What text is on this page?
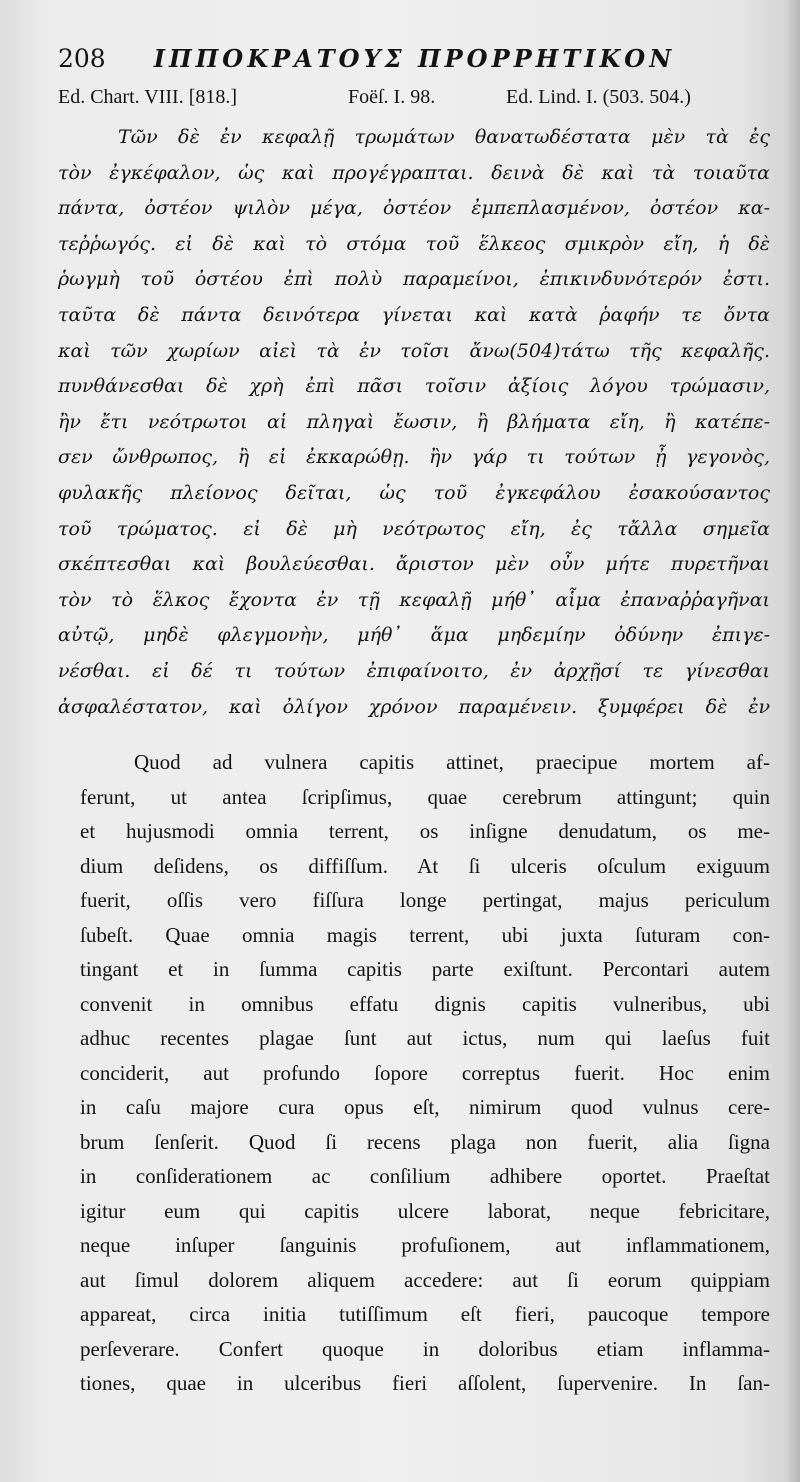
208 ΙΠΠΟΚΡΑΤΟΥΣ ΠΡΟΡΡΗΤΙΚΟΝ
Ed. Chart. VIII. [818.]	Foëſ. I. 98.	Ed. Lind. I. (503. 504.)
Τῶν δὲ ἐν κεφαλῇ τρωμάτων θανατωδέστατα μὲν τὰ ἐς
τὸν ἐγκέφαλον, ὡς καὶ προγέγραπται. δεινὰ δὲ καὶ τὰ τοιαῦτα
πάντα, ὀστέον ψιλὸν μέγα, ὀστέον ἐμπεπλασμένον, ὀστέον κα-
τεῤῥωγός. εἰ δὲ καὶ τὸ στόμα τοῦ ἕλκεος σμικρὸν εἴη, ἡ δὲ
ῥωγμὴ τοῦ ὀστέου ἐπὶ πολὺ παραμείνοι, ἐπικινδυνότερόν ἐστι.
ταῦτα δὲ πάντα δεινότερα γίνεται καὶ κατὰ ῥαφήν τε ὄντα
καὶ τῶν χωρίων αἰεὶ τὰ ἐν τοῖσι ἄνω(504)τάτω τῆς κεφαλῆς.
πυνθάνεσθαι δὲ χρὴ ἐπὶ πᾶσι τοῖσιν ἀξίοις λόγου τρώμασιν,
ἢν ἔτι νεότρωτοι αἱ πληγαὶ ἔωσιν, ἢ βλήματα εἴη, ἢ κατέπε-
σεν ὤνθρωπος, ἢ εἰ ἐκκαρώθῃ. ἢν γάρ τι τούτων ᾖ γεγονὸς,
φυλακῆς πλείονος δεῖται, ὡς τοῦ ἐγκεφάλου ἐσακούσαντος
τοῦ τρώματος. εἰ δὲ μὴ νεότρωτος εἴη, ἐς τἄλλα σημεῖα
σκέπτεσθαι καὶ βουλεύεσθαι. ἄριστον μὲν οὖν μήτε πυρετῆναι
τὸν τὸ ἕλκος ἔχοντα ἐν τῇ κεφαλῇ μήθ᾽ αἷμα ἐπαναῤῥαγῆναι
αὐτῷ, μηδὲ φλεγμονὴν, μήθ᾽ ἅμα μηδεμίην ὀδύνην ἐπιγε-
νέσθαι. εἰ δέ τι τούτων ἐπιφαίνοιτο, ἐν ἀρχῇσί τε γίνεσθαι
ἀσφαλέστατον, καὶ ὀλίγον χρόνον παραμένειν. ξυμφέρει δὲ ἐν
Quod ad vulnera capitis attinet, praecipue mortem af-
ferunt, ut antea ſcripſimus, quae cerebrum attingunt; quin
et hujusmodi omnia terrent, os inſigne denudatum, os me-
dium deſidens, os diffiſſum. At ſi ulceris oſculum exiguum
fuerit, oſſis vero fiſſura longe pertingat, majus periculum
ſubeſt. Quae omnia magis terrent, ubi juxta ſuturam con-
tingant et in ſumma capitis parte exiſtunt. Percontari autem
convenit in omnibus effatu dignis capitis vulneribus, ubi
adhuc recentes plagae ſunt aut ictus, num qui laeſus fuit
conciderit, aut profundo ſopore correptus fuerit. Hoc enim
in caſu majore cura opus eſt, nimirum quod vulnus cere-
brum ſenſerit. Quod ſi recens plaga non fuerit, alia ſigna
in conſiderationem ac conſilium adhibere oportet. Praeſtat
igitur eum qui capitis ulcere laborat, neque febricitare,
neque inſuper ſanguinis profuſionem, aut inflammationem,
aut ſimul dolorem aliquem accedere: aut ſi eorum quippiam
appareat, circa initia tutiſſimum eſt fieri, paucoque tempore
perſeverare. Confert quoque in doloribus etiam inflamma-
tiones, quae in ulceribus fieri aſſolent, ſupervenire. In ſan-
